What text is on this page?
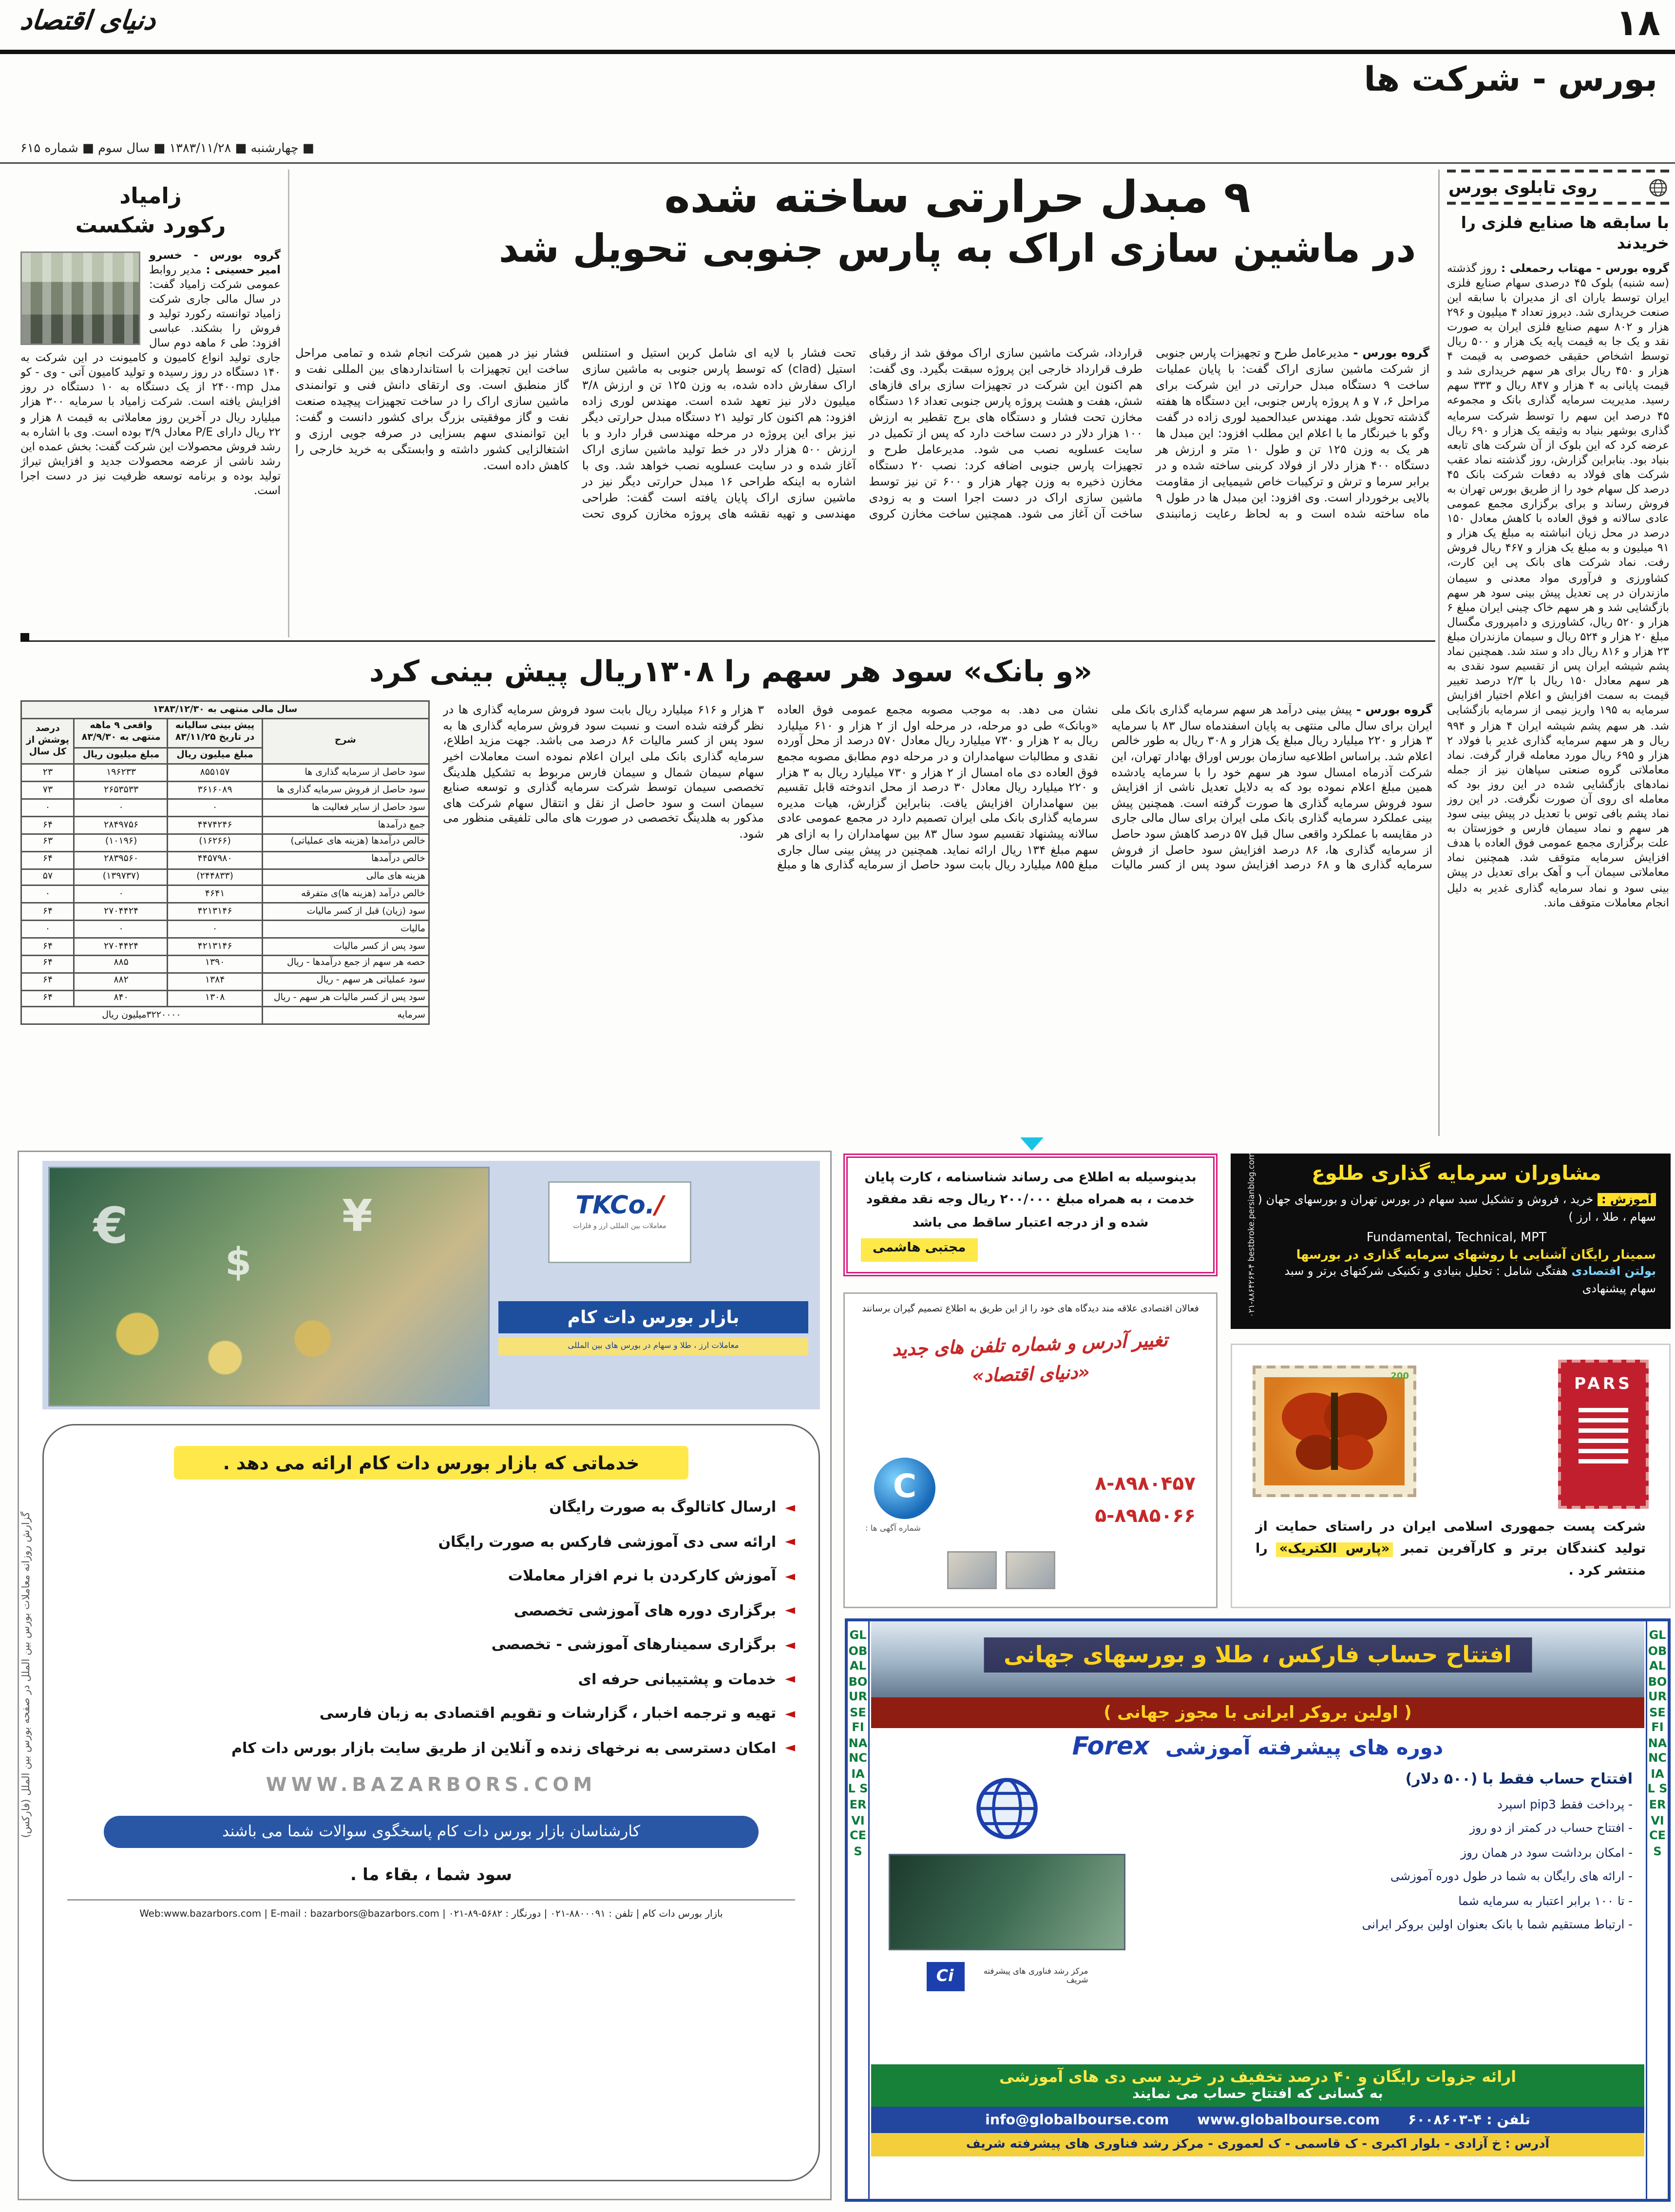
دنیای اقتصاد	۱۸
بورس - شرکت ها
■ چهارشنبه ■ ۱۳۸۳/۱۱/۲۸ ■ سال سوم ■ شماره ۶۱۵
روی تابلوی بورس
با سابقه ها صنایع فلزی را خریدند
گروه بورس - مهتاب رحمعلی : روز گذشته (سه شنبه) بلوک ۴۵ درصدی سهام صنایع فلزی ایران توسط یاران ای از مدیران با سابقه این صنعت خریداری شد. دیروز تعداد ۴ میلیون و ۲۹۶ هزار و ۸۰۲ سهم صنایع فلزی ایران به صورت نقد و یک جا به قیمت پایه یک هزار و ۵۰۰ ریال توسط اشخاص حقیقی خصوصی به قیمت ۴ هزار و ۴۵۰ ریال برای هر سهم خریداری شد و قیمت پایانی به ۴ هزار و ۸۴۷ ریال و ۳۳۳ سهم رسید. مدیریت سرمایه گذاری بانک و مجموعه ۴۵ درصد این سهم را توسط شرکت سرمایه گذاری بوشهر بنیاد به وثیقه یک هزار و ۶۹۰ ریال عرضه کرد که این بلوک از آن شرکت های تابعه بنیاد بود. بنابراین گزارش، روز گذشته نماد عقب شرکت های فولاد به دفعات شرکت بانک ۴۵ درصد کل سهام خود را از طریق بورس تهران به فروش رساند و برای برگزاری مجمع عمومی عادی سالانه و فوق العاده با کاهش معادل ۱۵۰ درصد در محل زیان انباشته به مبلغ یک هزار و ۹۱ میلیون و به مبلغ یک هزار و ۴۶۷ ریال فروش رفت. نماد شرکت های بانک پی این کارت، کشاورزی و فرآوری مواد معدنی و سیمان مازندران در پی تعدیل پیش بینی سود هر سهم بازگشایی شد و هر سهم خاک چینی ایران مبلغ ۶ هزار و ۵۲۰ ریال، کشاورزی و دامپروری مگسال مبلغ ۲۰ هزار و ۵۲۴ ریال و سیمان مازندران مبلغ ۲۳ هزار و ۸۱۶ ریال داد و ستد شد. همچنین نماد پشم شیشه ایران پس از تقسیم سود نقدی به هر سهم معادل ۱۵۰ ریال با ۲/۳ درصد تغییر قیمت به سمت افزایش و اعلام اختیار افزایش سرمایه به ۱۹۵ واریز نیمی از سرمایه بازگشایی شد. هر سهم پشم شیشه ایران ۴ هزار و ۹۹۴ ریال و هر سهم سرمایه گذاری غدیر با فولاد ۲ هزار و ۶۹۵ ریال مورد معامله قرار گرفت. نماد معاملاتی گروه صنعتی سپاهان نیز از جمله نمادهای بازگشایی شده در این روز بود که معامله ای روی آن صورت نگرفت. در این روز نماد پشم بافی توس با تعدیل در پیش بینی سود هر سهم و نماد سیمان فارس و خوزستان به علت برگزاری مجمع عمومی فوق العاده با هدف افزایش سرمایه متوقف شد. همچنین نماد معاملاتی سیمان آب و آهک برای تعدیل در پیش بینی سود و نماد سرمایه گذاری غدیر به دلیل انجام معاملات متوقف ماند.
۹ مبدل حرارتی ساخته شده
در ماشین سازی اراک به پارس جنوبی تحویل شد

گروه بورس - مدیرعامل طرح و تجهیزات پارس جنوبی از شرکت ماشین سازی اراک گفت: با پایان عملیات ساخت ۹ دستگاه مبدل حرارتی در این شرکت برای مراحل ۶، ۷ و ۸ پروژه پارس جنوبی، این دستگاه ها هفته گذشته تحویل شد. مهندس عبدالحمید لوری زاده در گفت وگو با خبرنگار ما با اعلام این مطلب افزود: این مبدل ها هر یک به وزن ۱۲۵ تن و طول ۱۰ متر و ارزش هر دستگاه ۴۰۰ هزار دلار از فولاد کربنی ساخته شده و در برابر سرما و ترش و ترکیبات خاص شیمیایی از مقاومت بالایی برخوردار است. وی افزود: این مبدل ها در طول ۹ ماه ساخته شده است و به لحاظ رعایت زمانبندی قرارداد، شرکت ماشین سازی اراک موفق شد از رقبای طرف قرارداد خارجی این پروژه سبقت بگیرد. وی گفت: هم اکنون این شرکت در تجهیزات سازی برای فازهای شش، هفت و هشت پروژه پارس جنوبی تعداد ۱۶ دستگاه مخازن تحت فشار و دستگاه های برج تقطیر به ارزش ۱۰۰ هزار دلار در دست ساخت دارد که پس از تکمیل در سایت عسلویه نصب می شود. مدیرعامل طرح و تجهیزات پارس جنوبی اضافه کرد: نصب ۲۰ دستگاه مخازن ذخیره به وزن چهار هزار و ۶۰۰ تن نیز توسط ماشین سازی اراک در دست اجرا است و به زودی ساخت آن آغاز می شود. همچنین ساخت مخازن کروی تحت فشار با لایه ای شامل کربن استیل و استنلس استیل (clad) که توسط پارس جنوبی به ماشین سازی اراک سفارش داده شده، به وزن ۱۲۵ تن و ارزش ۳/۸ میلیون دلار نیز تعهد شده است. مهندس لوری زاده افزود: هم اکنون کار تولید ۲۱ دستگاه مبدل حرارتی دیگر نیز برای این پروژه در مرحله مهندسی قرار دارد و با ارزش ۵۰۰ هزار دلار در خط تولید ماشین سازی اراک آغاز شده و در سایت عسلویه نصب خواهد شد. وی با اشاره به اینکه طراحی ۱۶ مبدل حرارتی دیگر نیز در ماشین سازی اراک پایان یافته است گفت: طراحی مهندسی و تهیه نقشه های پروژه مخازن کروی تحت فشار نیز در همین شرکت انجام شده و تمامی مراحل ساخت این تجهیزات با استانداردهای بین المللی نفت و گاز منطبق است. وی ارتقای دانش فنی و توانمندی ماشین سازی اراک را در ساخت تجهیزات پیچیده صنعت نفت و گاز موفقیتی بزرگ برای کشور دانست و گفت: این توانمندی سهم بسزایی در صرفه جویی ارزی و اشتغالزایی کشور داشته و وابستگی به خرید خارجی را کاهش داده است.

زامیاد
رکورد شکست
گروه بورس - خسرو امیر حسینی : مدیر روابط عمومی شرکت زامیاد گفت: در سال مالی جاری شرکت زامیاد توانسته رکورد تولید و فروش را بشکند. عباسی افزود: طی ۶ ماهه دوم سال جاری تولید انواع کامیون و کامیونت در این شرکت به ۱۴۰ دستگاه در روز رسیده و تولید کامیون آتی - وی - کو مدل ۲۴۰۰mp از یک دستگاه به ۱۰ دستگاه در روز افزایش یافته است. شرکت زامیاد با سرمایه ۳۰۰ هزار میلیارد ریال در آخرین روز معاملاتی به قیمت ۸ هزار و ۲۲ ریال دارای P/E معادل ۳/۹ بوده است. وی با اشاره به رشد فروش محصولات این شرکت گفت: بخش عمده این رشد ناشی از عرضه محصولات جدید و افزایش تیراژ تولید بوده و برنامه توسعه ظرفیت نیز در دست اجرا است.
«و بانک» سود هر سهم را ۱۳۰۸ریال پیش بینی کرد
سال مالی منتهی به ۱۳۸۳/۱۲/۳۰			
شرح	پیش بینی سالیانه در تاریخ ۸۳/۱۱/۲۵	واقعی ۹ ماهه منتهی به ۸۳/۹/۳۰	درصد پوشش از کل سال
	مبلغ میلیون ریال	مبلغ میلیون ریال	
سود حاصل از سرمایه گذاری ها	۸۵۵۱۵۷	۱۹۶۲۳۳	۲۳
سود حاصل از فروش سرمایه گذاری ها	۳۶۱۶۰۸۹	۲۶۵۳۵۳۳	۷۳
سود حاصل از سایر فعالیت ها	۰	۰	۰
جمع درآمدها	۴۴۷۴۲۴۶	۲۸۴۹۷۵۶	۶۴
خالص درآمدها (هزینه های عملیاتی)	(۱۶۲۶۶)	(۱۰۱۹۶)	۶۳
خالص درآمدها	۴۴۵۷۹۸۰	۲۸۳۹۵۶۰	۶۴
هزینه های مالی	(۲۴۴۸۳۳)	(۱۳۹۷۳۷)	۵۷
خالص درآمد (هزینه ها)ی متفرقه	۴۶۴۱	۰	۰
سود (زیان) قبل از کسر مالیات	۴۲۱۳۱۴۶	۲۷۰۴۴۲۴	۶۴
مالیات	۰	۰	۰
سود پس از کسر مالیات	۴۲۱۳۱۴۶	۲۷۰۴۴۲۴	۶۴
حصه هر سهم از جمع درآمدها - ریال	۱۳۹۰	۸۸۵	۶۴
سود عملیاتی هر سهم - ریال	۱۳۸۴	۸۸۲	۶۴
سود پس از کسر مالیات هر سهم - ریال	۱۳۰۸	۸۴۰	۶۴
سرمایه	۳۲۲۰۰۰۰میلیون ریال		

گروه بورس - پیش بینی درآمد هر سهم سرمایه گذاری بانک ملی ایران برای سال مالی منتهی به پایان اسفندماه سال ۸۳ با سرمایه ۳ هزار و ۲۲۰ میلیارد ریال مبلغ یک هزار و ۳۰۸ ریال به طور خالص اعلام شد. براساس اطلاعیه سازمان بورس اوراق بهادار تهران، این شرکت آذرماه امسال سود هر سهم خود را با سرمایه یادشده همین مبلغ اعلام نموده بود که به دلایل تعدیل ناشی از افزایش سود فروش سرمایه گذاری ها صورت گرفته است. همچنین پیش بینی عملکرد سرمایه گذاری بانک ملی ایران برای سال مالی جاری در مقایسه با عملکرد واقعی سال قبل ۵۷ درصد کاهش سود حاصل از سرمایه گذاری ها، ۸۶ درصد افزایش سود حاصل از فروش سرمایه گذاری ها و ۶۸ درصد افزایش سود پس از کسر مالیات نشان می دهد. به موجب مصوبه مجمع عمومی فوق العاده «وبانک» طی دو مرحله، در مرحله اول از ۲ هزار و ۶۱۰ میلیارد ریال به ۲ هزار و ۷۳۰ میلیارد ریال معادل ۵۷۰ درصد از محل آورده نقدی و مطالبات سهامداران و در مرحله دوم مطابق مصوبه مجمع فوق العاده دی ماه امسال از ۲ هزار و ۷۳۰ میلیارد ریال به ۳ هزار و ۲۲۰ میلیارد ریال معادل ۳۰ درصد از محل اندوخته قابل تقسیم بین سهامداران افزایش یافت. بنابراین گزارش، هیات مدیره سرمایه گذاری بانک ملی ایران تصمیم دارد در مجمع عمومی عادی سالانه پیشنهاد تقسیم سود سال ۸۳ بین سهامداران را به ازای هر سهم مبلغ ۱۳۴ ریال ارائه نماید. همچنین در پیش بینی سال جاری مبلغ ۸۵۵ میلیارد ریال بابت سود حاصل از سرمایه گذاری ها و مبلغ ۳ هزار و ۶۱۶ میلیارد ریال بابت سود فروش سرمایه گذاری ها در نظر گرفته شده است و نسبت سود فروش سرمایه گذاری ها به سود پس از کسر مالیات ۸۶ درصد می باشد. جهت مزید اطلاع، سرمایه گذاری بانک ملی ایران اعلام نموده است معاملات اخیر سهام سیمان شمال و سیمان فارس مربوط به تشکیل هلدینگ تخصصی سیمان توسط شرکت سرمایه گذاری و توسعه صنایع سیمان است و سود حاصل از نقل و انتقال سهام شرکت های مذکور به هلدینگ تخصصی در صورت های مالی تلفیقی منظور می شود.

گزارش روزانه معاملات بورس بین الملل در صفحه بورس بین الملل (فارکس)
€
$
¥	TKCo./
معاملات بین المللی ارز و فلزات
بازار بورس دات کام
معاملات ارز ، طلا و سهام در بورس های بین المللی
خدماتی که بازار بورس دات کام ارائه می دهد .
◄
ارسال کاتالوگ به صورت رایگان
◄
ارائه سی دی آموزشی فارکس به صورت رایگان
◄
آموزش کارکردن با نرم افزار معاملات
◄
برگزاری دوره های آموزشی تخصصی
◄
برگزاری سمینارهای آموزشی - تخصصی
◄
خدمات و پشتیبانی حرفه ای
◄
تهیه و ترجمه اخبار ، گزارشات و تقویم اقتصادی به زبان فارسی
◄
امکان دسترسی به نرخهای زنده و آنلاین از طریق سایت بازار بورس دات کام
WWW.BAZARBORS.COM
کارشناسان بازار بورس دات کام پاسخگوی سوالات شما می باشند
سود شما ، بقاء ما .
بازار بورس دات کام | تلفن : ۸۸۰۰۰۹۱-۰۲۱ | دورنگار : ۵۶۸۲-۸۹-۰۲۱ | Web:www.bazarbors.com | E-mail : bazarbors@bazarbors.com
بدینوسیله به اطلاع می رساند شناسنامه ، کارت پایان خدمت ، به همراه مبلغ ۲۰۰/۰۰۰ ریال وجه نقد مفقود شده و از درجه اعتبار ساقط می باشد
مجتبی هاشمی
فعالان اقتصادی علاقه مند دیدگاه های خود را از این طریق به اطلاع تصمیم گیران برسانند
تغییر آدرس و شماره تلفن های جدید
«دنیای اقتصاد»
C
شماره آگهی ها :
۸-۸۹۸۰۴۵۷
۵-۸۹۸۵۰۶۶
مشاوران سرمایه گذاری طلوع
آموزش : خرید ، فروش و تشکیل سبد سهام در بورس تهران و بورسهای جهان ( سهام ، طلا ، ارز )
Fundamental, Technical, MPT
سمینار رایگان آشنایی با روشهای سرمایه گذاری در بورسها
بولتن اقتصادی هفتگی شامل : تحلیل بنیادی و تکنیکی شرکتهای برتر و سبد سهام پیشنهادی
۰۲۱-۸۸۶۴۲۶۳-۴ bestbroke.persianblog.com
200	PARS
شرکت پست جمهوری اسلامی ایران در راستای حمایت از تولید کنندگان برتر و کارآفرین تمبر «پارس الکتریک» را منتشر کرد .
GLOBAL BOURSE FINANCIAL SERVICES
GLOBAL BOURSE FINANCIAL SERVICES
افتتاح حساب فارکس ، طلا و بورسهای جهانی
( اولین بروکر ایرانی با مجوز جهانی )
دوره های پیشرفته آموزشی Forex
افتتاح حساب فقط با (۵۰۰ دلار)
- پرداخت فقط pip3 اسپرد
- افتتاح حساب در کمتر از دو روز
- امکان برداشت سود در همان روز
- ارائه های رایگان به شما در طول دوره آموزشی
- تا ۱۰۰ برابر اعتبار به سرمایه شما
- ارتباط مستقیم شما با بانک بعنوان اولین بروکر ایرانی
Ci	مرکز رشد فناوری های پیشرفته شریف
ارائه جزوات رایگان و ۴۰ درصد تخفیف در خرید سی دی های آموزشی
به کسانی که افتتاح حساب می نمایند
تلفن : ۴-۶۰۰۸۶۰۳ www.globalbourse.com info@globalbourse.com
آدرس : خ آزادی - بلوار اکبری - ک قاسمی - ک لعموری - مرکز رشد فناوری های پیشرفته شریف
